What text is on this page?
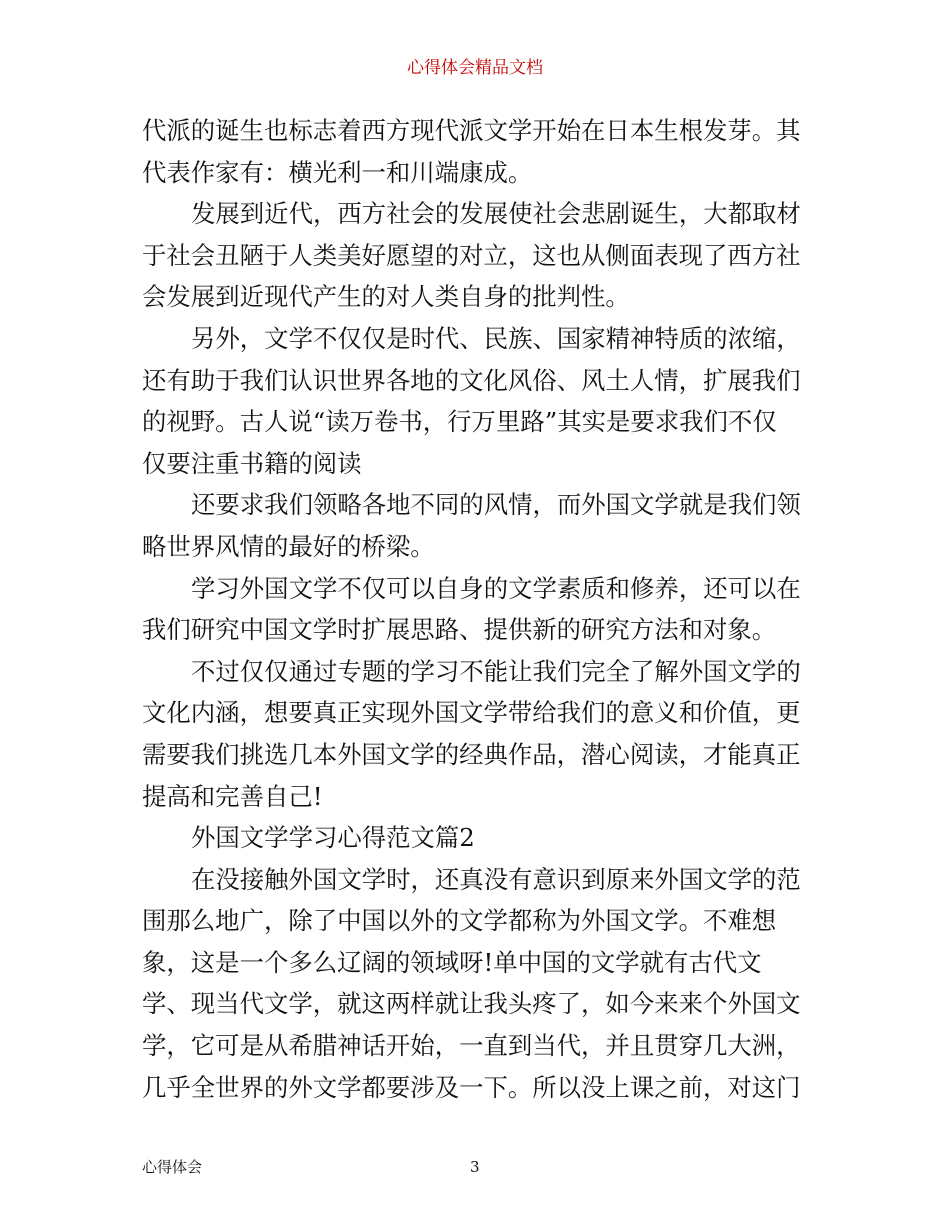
心得体会精品文档
代派的诞生也标志着西方现代派文学开始在日本生根发芽。其
代表作家有：横光利一和川端康成。
发展到近代，西方社会的发展使社会悲剧诞生，大都取材
于社会丑陋于人类美好愿望的对立，这也从侧面表现了西方社
会发展到近现代产生的对人类自身的批判性。
另外，文学不仅仅是时代、民族、国家精神特质的浓缩，
还有助于我们认识世界各地的文化风俗、风土人情，扩展我们
的视野。古人说“读万卷书，行万里路”其实是要求我们不仅
仅要注重书籍的阅读
还要求我们领略各地不同的风情，而外国文学就是我们领
略世界风情的最好的桥梁。
学习外国文学不仅可以自身的文学素质和修养，还可以在
我们研究中国文学时扩展思路、提供新的研究方法和对象。
不过仅仅通过专题的学习不能让我们完全了解外国文学的
文化内涵，想要真正实现外国文学带给我们的意义和价值，更
需要我们挑选几本外国文学的经典作品，潜心阅读，才能真正
提高和完善自己!
外国文学学习心得范文篇2
在没接触外国文学时，还真没有意识到原来外国文学的范
围那么地广，除了中国以外的文学都称为外国文学。不难想
象，这是一个多么辽阔的领域呀!单中国的文学就有古代文
学、现当代文学，就这两样就让我头疼了，如今来来个外国文
学，它可是从希腊神话开始，一直到当代，并且贯穿几大洲，
几乎全世界的外文学都要涉及一下。所以没上课之前，对这门
心得体会	3
